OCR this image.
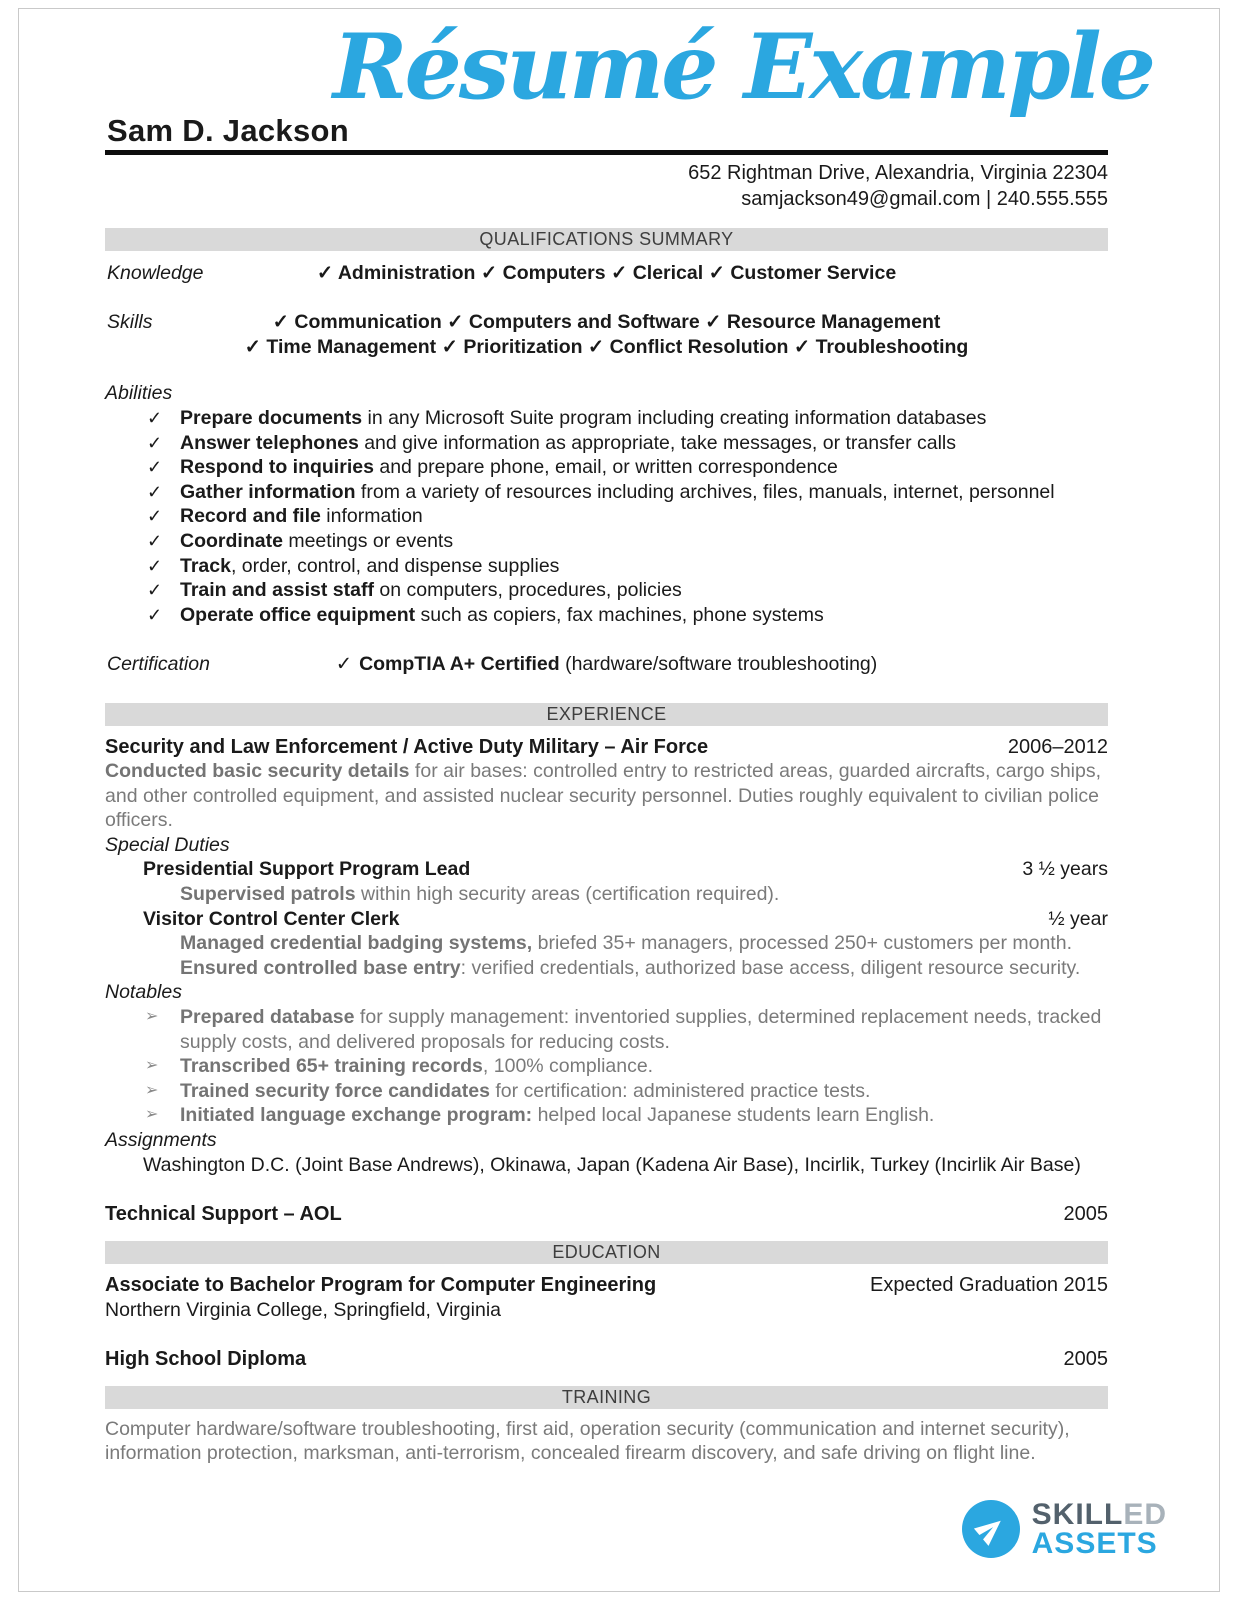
Résumé Example
Sam D. Jackson
652 Rightman Drive, Alexandria, Virginia 22304
samjackson49@gmail.com | 240.555.555
QUALIFICATIONS SUMMARY
Knowledge	✓ Administration ✓ Computers ✓ Clerical ✓ Customer Service
Skills	✓ Communication ✓ Computers and Software ✓ Resource Management
✓ Time Management ✓ Prioritization ✓ Conflict Resolution ✓ Troubleshooting
Abilities
✓ Prepare documents in any Microsoft Suite program including creating information databases
✓ Answer telephones and give information as appropriate, take messages, or transfer calls
✓ Respond to inquiries and prepare phone, email, or written correspondence
✓ Gather information from a variety of resources including archives, files, manuals, internet, personnel
✓ Record and file information
✓ Coordinate meetings or events
✓ Track, order, control, and dispense supplies
✓ Train and assist staff on computers, procedures, policies
✓ Operate office equipment such as copiers, fax machines, phone systems
Certification	✓ CompTIA A+ Certified (hardware/software troubleshooting)
EXPERIENCE
Security and Law Enforcement / Active Duty Military – Air Force	2006–2012

Conducted basic security details for air bases: controlled entry to restricted areas, guarded aircrafts, cargo ships, and other controlled equipment, and assisted nuclear security personnel. Duties roughly equivalent to civilian police officers.

Special Duties
Presidential Support Program Lead	3 ½ years
Supervised patrols within high security areas (certification required).
Visitor Control Center Clerk	½ year
Managed credential badging systems, briefed 35+ managers, processed 250+ customers per month.
Ensured controlled base entry: verified credentials, authorized base access, diligent resource security.
Notables
➢ Prepared database for supply management: inventoried supplies, determined replacement needs, tracked supply costs, and delivered proposals for reducing costs.
➢ Transcribed 65+ training records, 100% compliance.
➢ Trained security force candidates for certification: administered practice tests.
➢ Initiated language exchange program: helped local Japanese students learn English.
Assignments
Washington D.C. (Joint Base Andrews), Okinawa, Japan (Kadena Air Base), Incirlik, Turkey (Incirlik Air Base)
Technical Support – AOL	2005
EDUCATION
Associate to Bachelor Program for Computer Engineering	Expected Graduation 2015
Northern Virginia College, Springfield, Virginia
High School Diploma	2005
TRAINING

Computer hardware/software troubleshooting, first aid, operation security (communication and internet security), information protection, marksman, anti-terrorism, concealed firearm discovery, and safe driving on flight line.

SKILLED
ASSETS
